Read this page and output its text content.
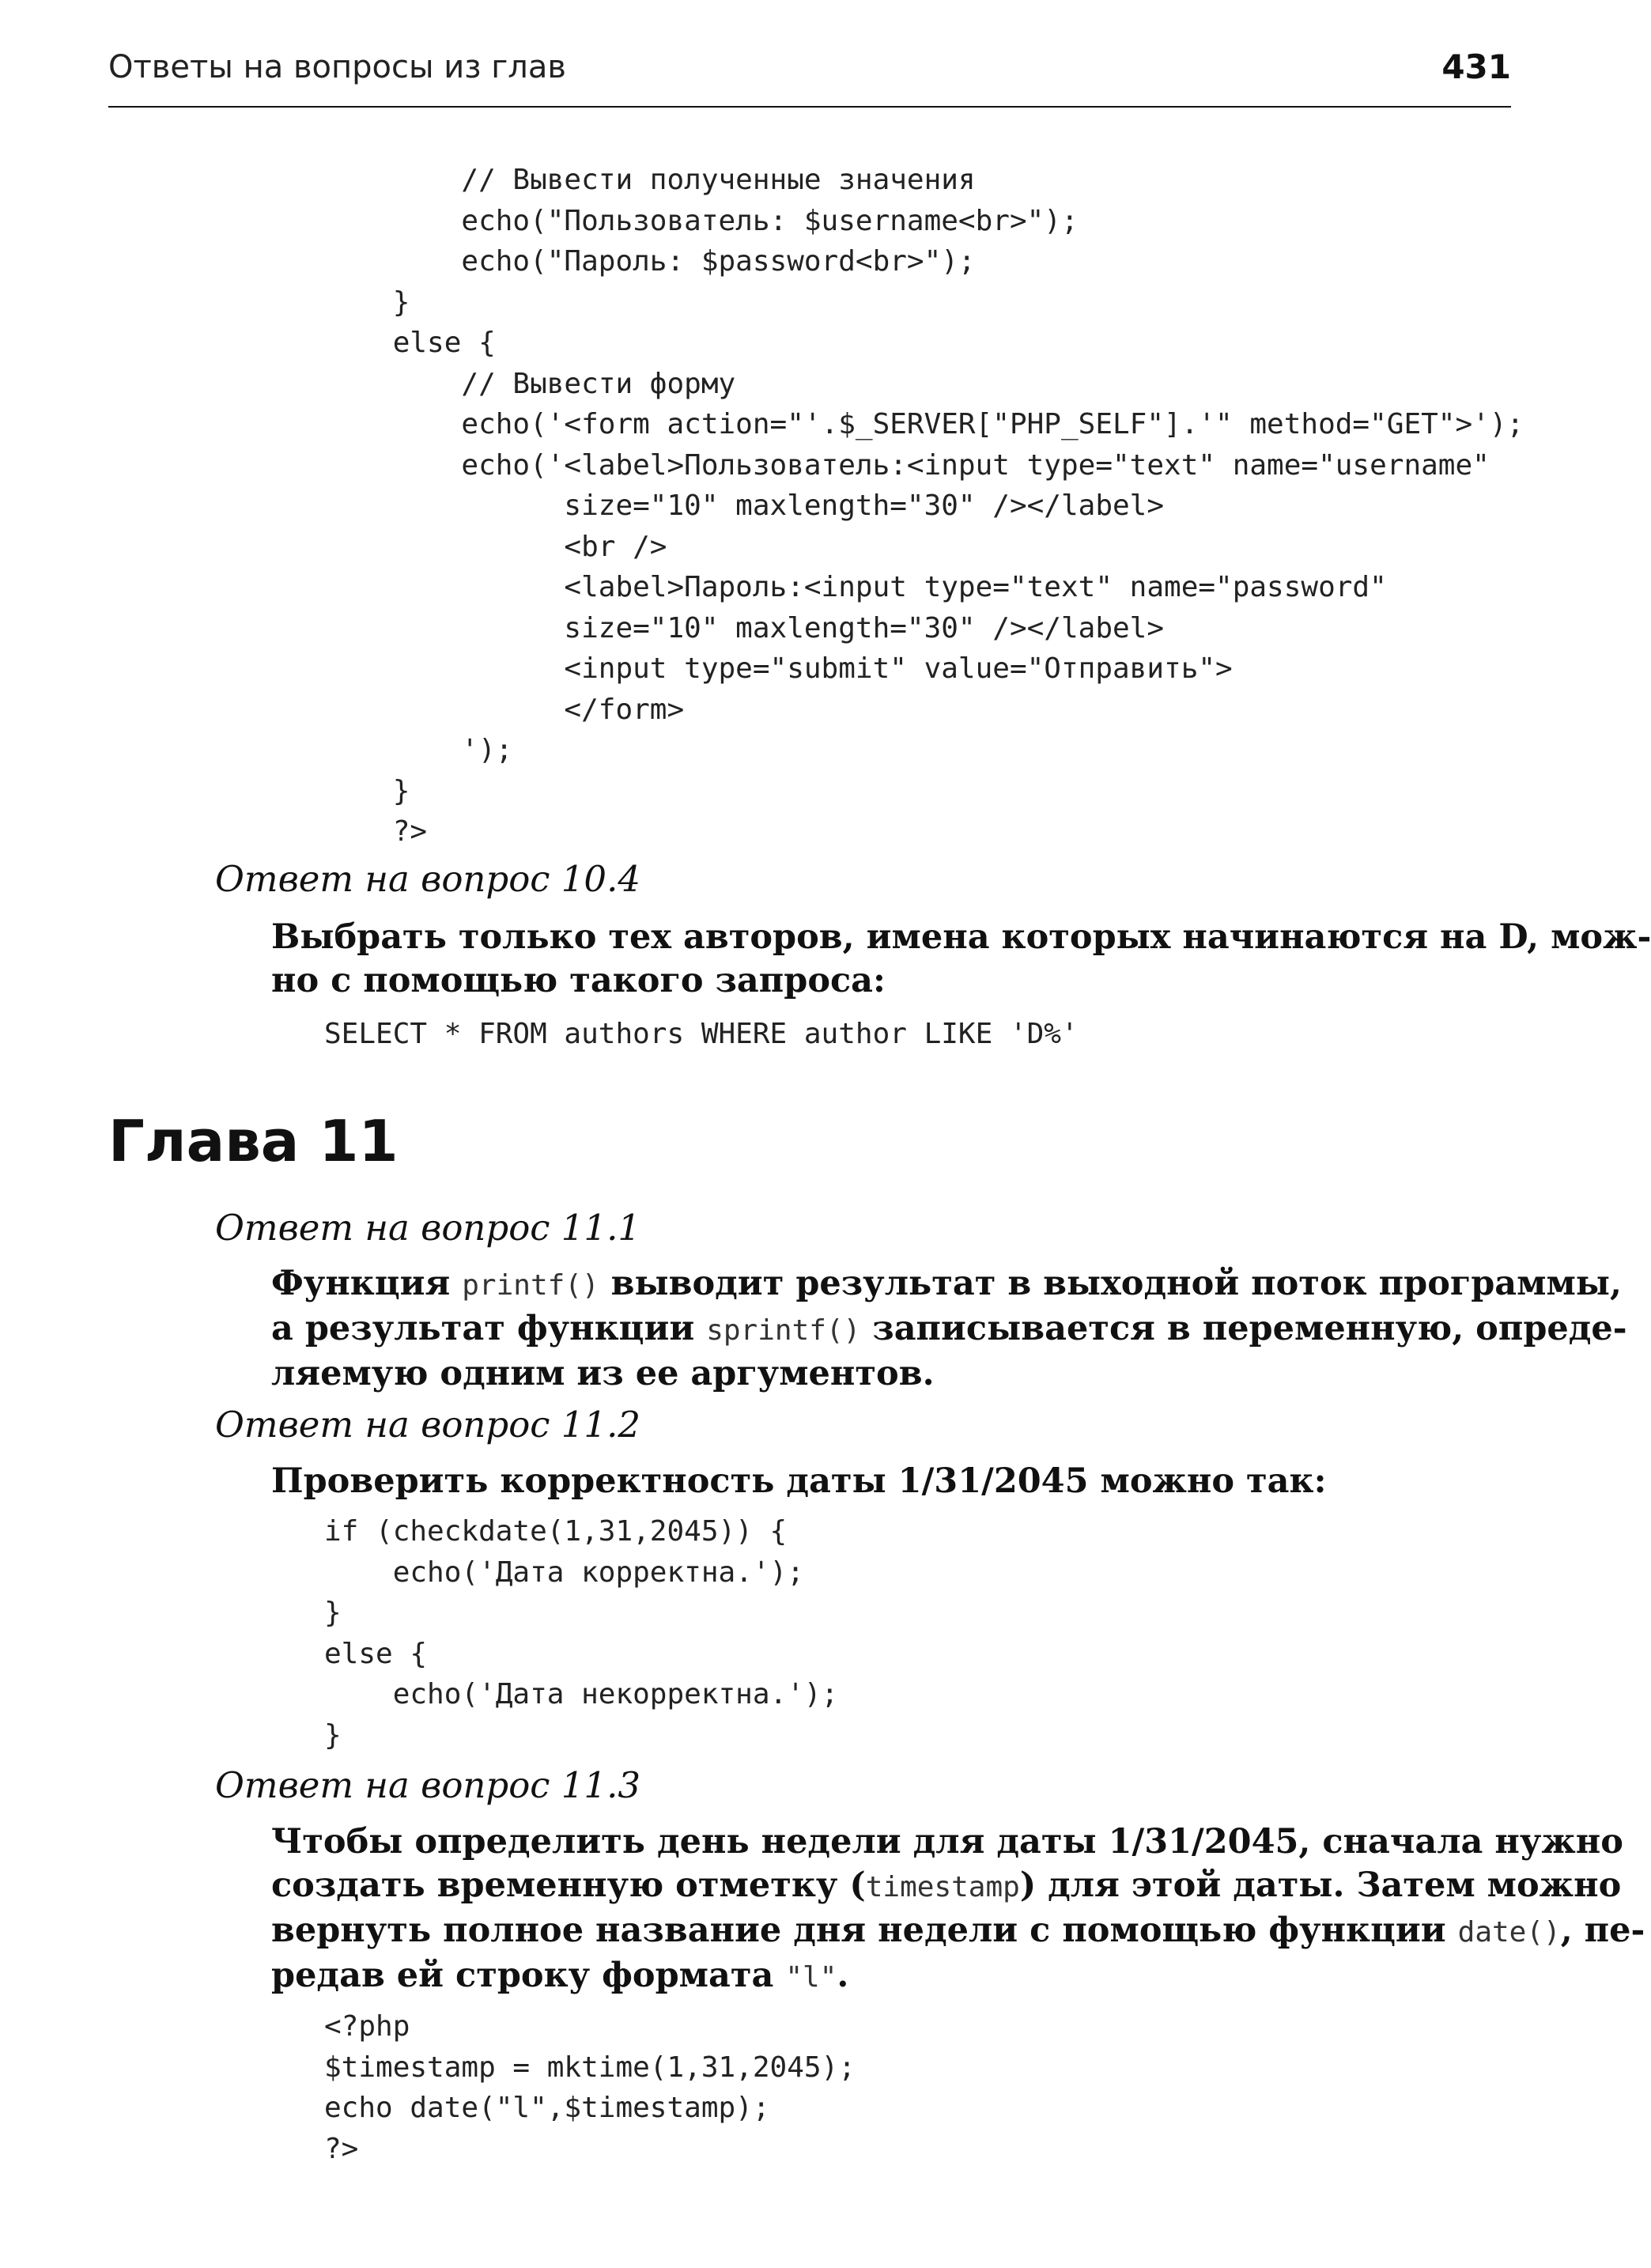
Ответы на вопросы из глав	431
// Вывести полученные значения
echo("Пользователь: $username<br>");
echo("Пароль: $password<br>");
}
else {
// Вывести форму
echo('<form action="'.$_SERVER["PHP_SELF"].'" method="GET">');
echo('<label>Пользователь:<input type="text" name="username"
size="10" maxlength="30" /></label>
<br />
<label>Пароль:<input type="text" name="password"
size="10" maxlength="30" /></label>
<input type="submit" value="Отправить">
</form>
');
}
?>
Ответ на вопрос 10.4

Выбрать только тех авторов, имена которых начинаются на D, мож-
но с помощью такого запроса:

SELECT * FROM authors WHERE author LIKE 'D%'
Глава 11
Ответ на вопрос 11.1

Функция printf() выводит результат в выходной поток программы,
а результат функции sprintf() записывается в переменную, опреде-
ляемую одним из ее аргументов.

Ответ на вопрос 11.2

Проверить корректность даты 1/31/2045 можно так:

if (checkdate(1,31,2045)) {
echo('Дата корректна.');
}
else {
echo('Дата некорректна.');
}
Ответ на вопрос 11.3

Чтобы определить день недели для даты 1/31/2045, сначала нужно
создать временную отметку (timestamp) для этой даты. Затем можно
вернуть полное название дня недели с помощью функции date(), пе-
редав ей строку формата "l".

<?php
$timestamp = mktime(1,31,2045);
echo date("l",$timestamp);
?>
